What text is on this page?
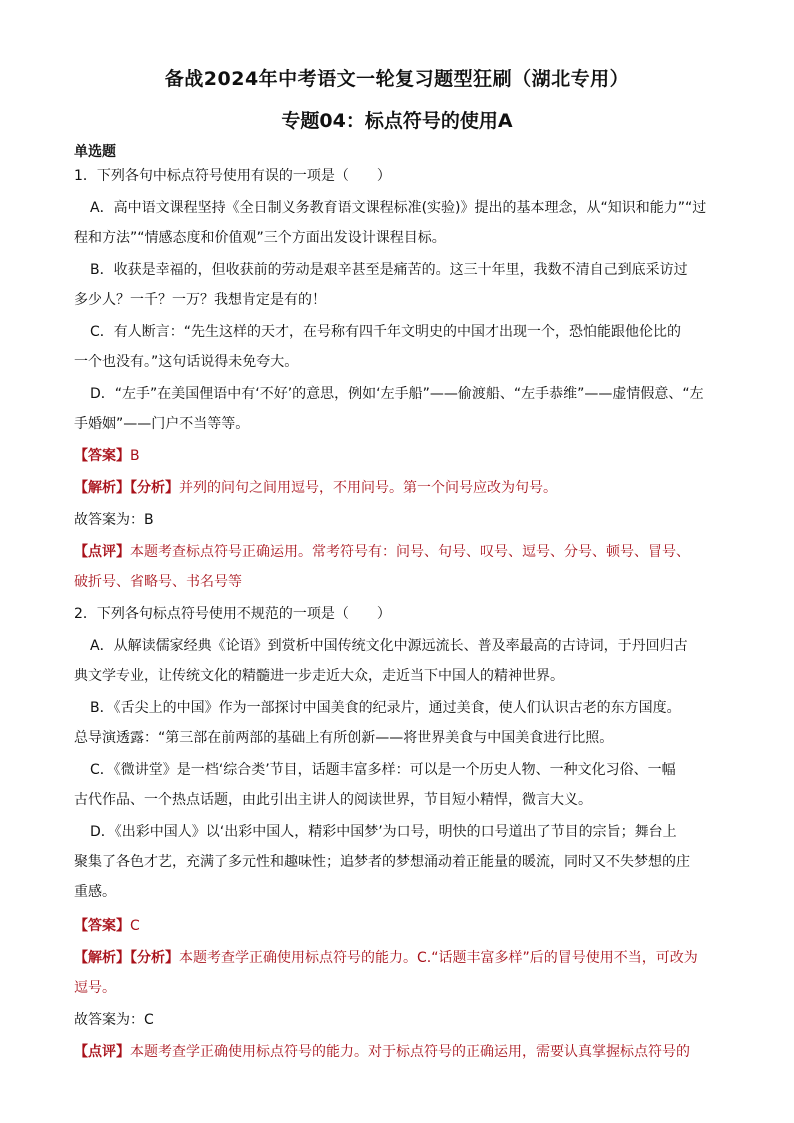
备战2024年中考语文一轮复习题型狂刷（湖北专用）
专题04：标点符号的使用A
单选题
1．下列各句中标点符号使用有误的一项是（　　）
A．高中语文课程坚持《全日制义务教育语文课程标准(实验)》提出的基本理念，从“知识和能力”“过
程和方法”“情感态度和价值观”三个方面出发设计课程目标。
B．收获是幸福的，但收获前的劳动是艰辛甚至是痛苦的。这三十年里，我数不清自己到底采访过
多少人？一千？一万？我想肯定是有的！
C．有人断言：“先生这样的天才，在号称有四千年文明史的中国才出现一个，恐怕能跟他伦比的
一个也没有。”这句话说得未免夸大。
D．“左手”在美国俚语中有‘不好’的意思，例如‘左手船”——偷渡船、“左手恭维”——虚情假意、“左
手婚姻”——门户不当等等。
【答案】B
【解析】【分析】并列的问句之间用逗号，不用问号。第一个问号应改为句号。
故答案为：B
【点评】本题考查标点符号正确运用。常考符号有：问号、句号、叹号、逗号、分号、顿号、冒号、
破折号、省略号、书名号等
2．下列各句标点符号使用不规范的一项是（　　）
A．从解读儒家经典《论语》到赏析中国传统文化中源远流长、普及率最高的古诗词，于丹回归古
典文学专业，让传统文化的精髓进一步走近大众，走近当下中国人的精神世界。
B．《舌尖上的中国》作为一部探讨中国美食的纪录片，通过美食，使人们认识古老的东方国度。
总导演透露：“第三部在前两部的基础上有所创新——将世界美食与中国美食进行比照。
C．《微讲堂》是一档‘综合类’节目，话题丰富多样：可以是一个历史人物、一种文化习俗、一幅
古代作品、一个热点话题，由此引出主讲人的阅读世界，节目短小精悍，微言大义。
D．《出彩中国人》以‘出彩中国人，精彩中国梦’为口号，明快的口号道出了节目的宗旨；舞台上
聚集了各色才艺，充满了多元性和趣味性；追梦者的梦想涌动着正能量的暖流，同时又不失梦想的庄
重感。
【答案】C
【解析】【分析】本题考查学正确使用标点符号的能力。C.“话题丰富多样”后的冒号使用不当，可改为
逗号。
故答案为：C
【点评】本题考查学正确使用标点符号的能力。对于标点符号的正确运用，需要认真掌握标点符号的
